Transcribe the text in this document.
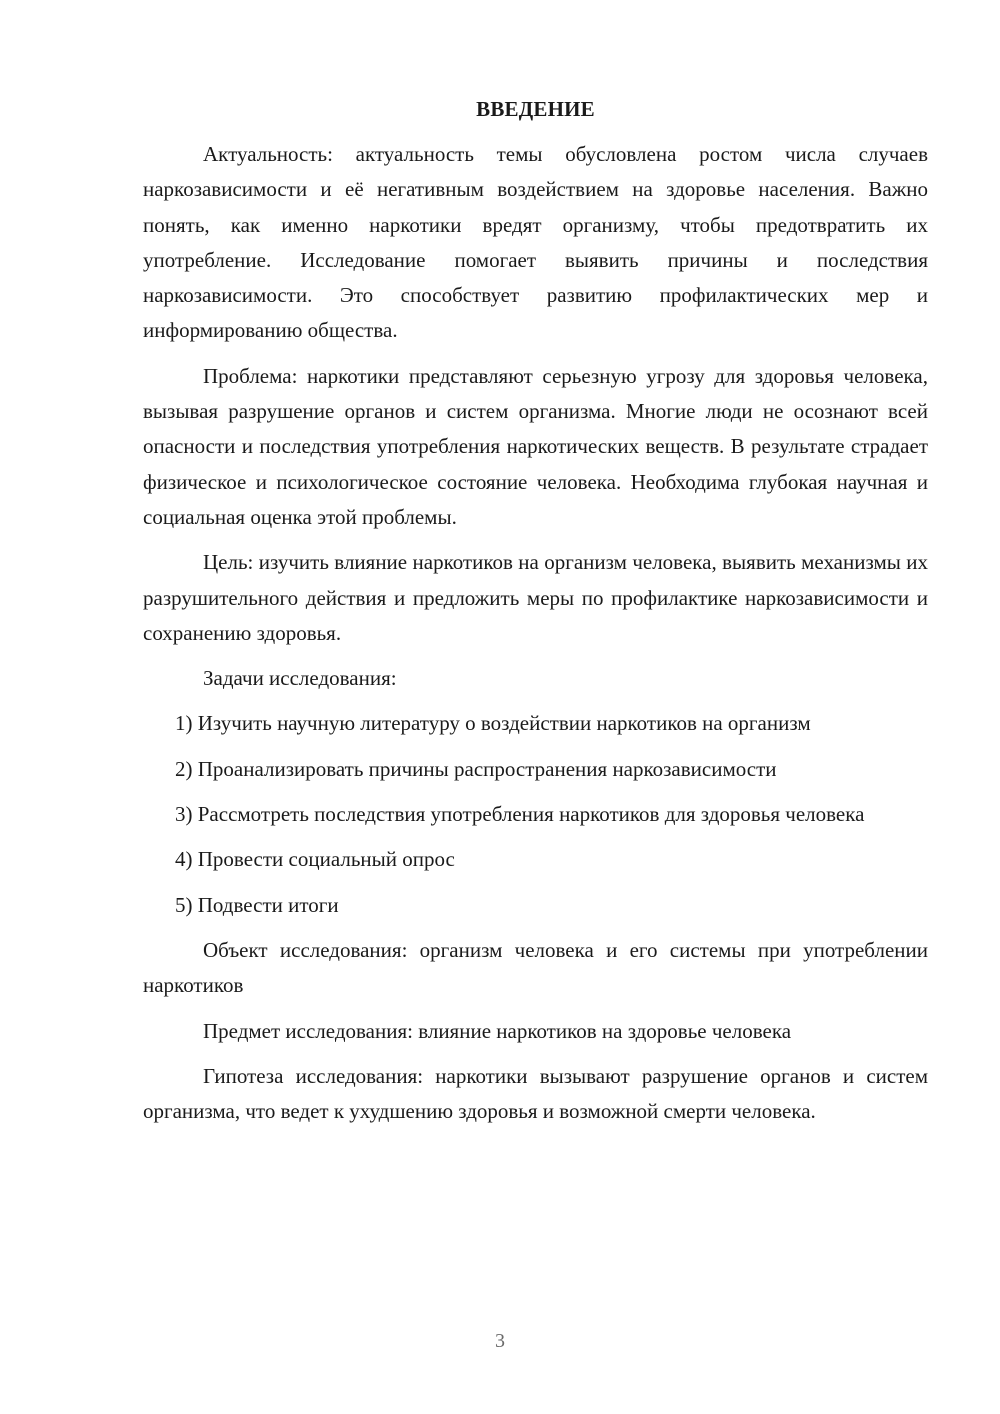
ВВЕДЕНИЕ

Актуальность: актуальность темы обусловлена ростом числа случаев наркозависимости и её негативным воздействием на здоровье населения. Важно понять, как именно наркотики вредят организму, чтобы предотвратить их употребление. Исследование помогает выявить причины и последствия наркозависимости. Это способствует развитию профилактических мер и информированию общества.

Проблема: наркотики представляют серьезную угрозу для здоровья человека, вызывая разрушение органов и систем организма. Многие люди не осознают всей опасности и последствия употребления наркотических веществ. В результате страдает физическое и психологическое состояние человека. Необходима глубокая научная и социальная оценка этой проблемы.

Цель: изучить влияние наркотиков на организм человека, выявить механизмы их разрушительного действия и предложить меры по профилактике наркозависимости и сохранению здоровья.

Задачи исследования:

1) Изучить научную литературу о воздействии наркотиков на организм

2) Проанализировать причины распространения наркозависимости

3) Рассмотреть последствия употребления наркотиков для здоровья человека

4) Провести социальный опрос

5) Подвести итоги

Объект исследования: организм человека и его системы при употреблении наркотиков

Предмет исследования: влияние наркотиков на здоровье человека

Гипотеза исследования: наркотики вызывают разрушение органов и систем организма, что ведет к ухудшению здоровья и возможной смерти человека.

3
